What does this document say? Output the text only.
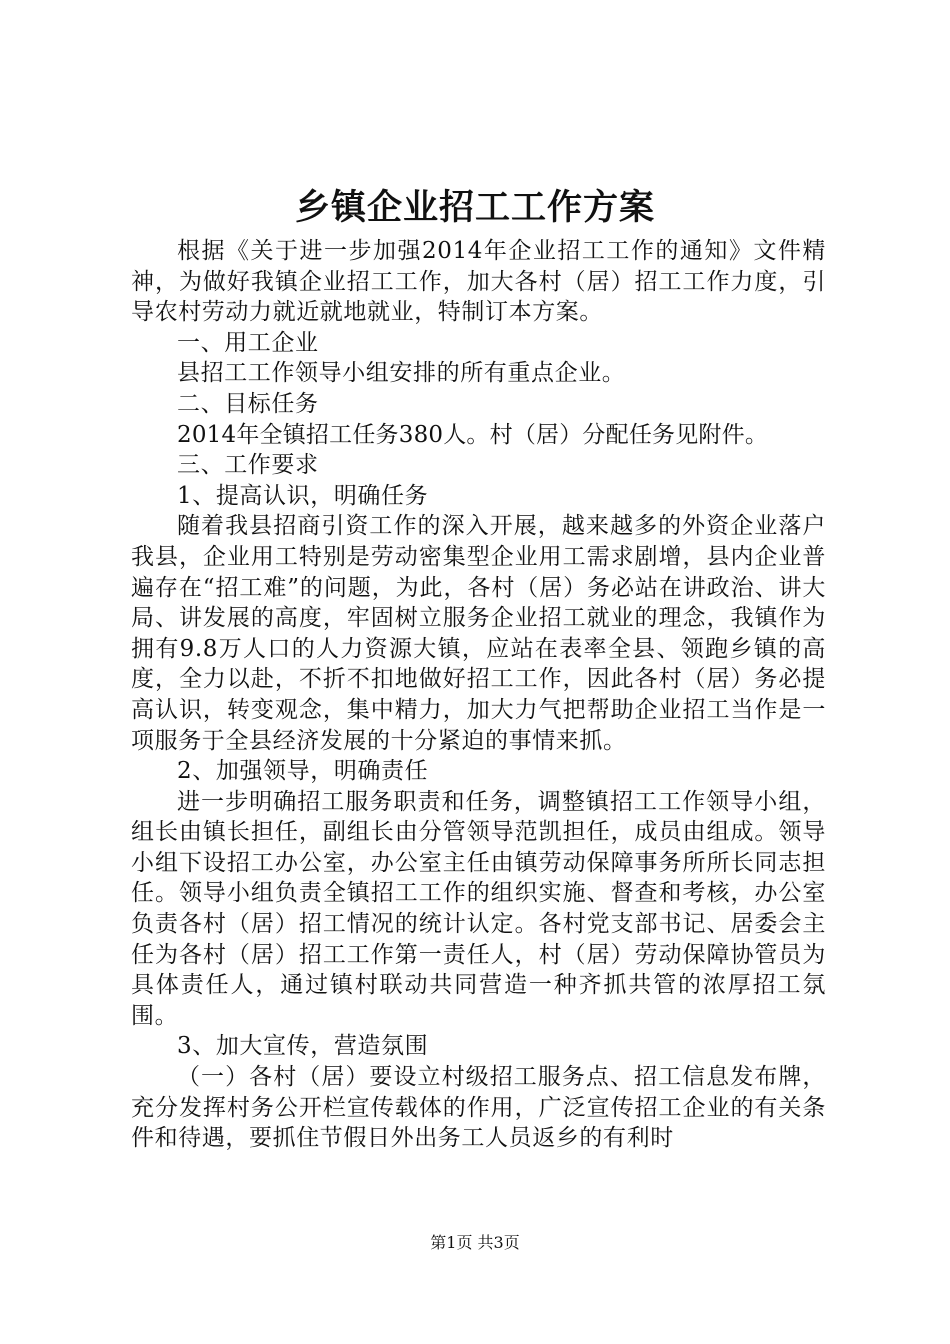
乡镇企业招工工作方案

根据《关于进一步加强2014年企业招工工作的通知》文件精神，为做好我镇企业招工工作，加大各村（居）招工工作力度，引导农村劳动力就近就地就业，特制订本方案。

一、用工企业

县招工工作领导小组安排的所有重点企业。

二、目标任务

2014年全镇招工任务380人。村（居）分配任务见附件。

三、工作要求

1、提高认识，明确任务

随着我县招商引资工作的深入开展，越来越多的外资企业落户我县，企业用工特别是劳动密集型企业用工需求剧增，县内企业普遍存在“招工难”的问题，为此，各村（居）务必站在讲政治、讲大局、讲发展的高度，牢固树立服务企业招工就业的理念，我镇作为拥有9.8万人口的人力资源大镇，应站在表率全县、领跑乡镇的高度，全力以赴，不折不扣地做好招工工作，因此各村（居）务必提高认识，转变观念，集中精力，加大力气把帮助企业招工当作是一项服务于全县经济发展的十分紧迫的事情来抓。

2、加强领导，明确责任

进一步明确招工服务职责和任务，调整镇招工工作领导小组，组长由镇长担任，副组长由分管领导范凯担任，成员由组成。领导小组下设招工办公室，办公室主任由镇劳动保障事务所所长同志担任。领导小组负责全镇招工工作的组织实施、督查和考核，办公室负责各村（居）招工情况的统计认定。各村党支部书记、居委会主任为各村（居）招工工作第一责任人，村（居）劳动保障协管员为具体责任人，通过镇村联动共同营造一种齐抓共管的浓厚招工氛围。

3、加大宣传，营造氛围

（一）各村（居）要设立村级招工服务点、招工信息发布牌，充分发挥村务公开栏宣传载体的作用，广泛宣传招工企业的有关条件和待遇，要抓住节假日外出务工人员返乡的有利时

第1页 共3页
